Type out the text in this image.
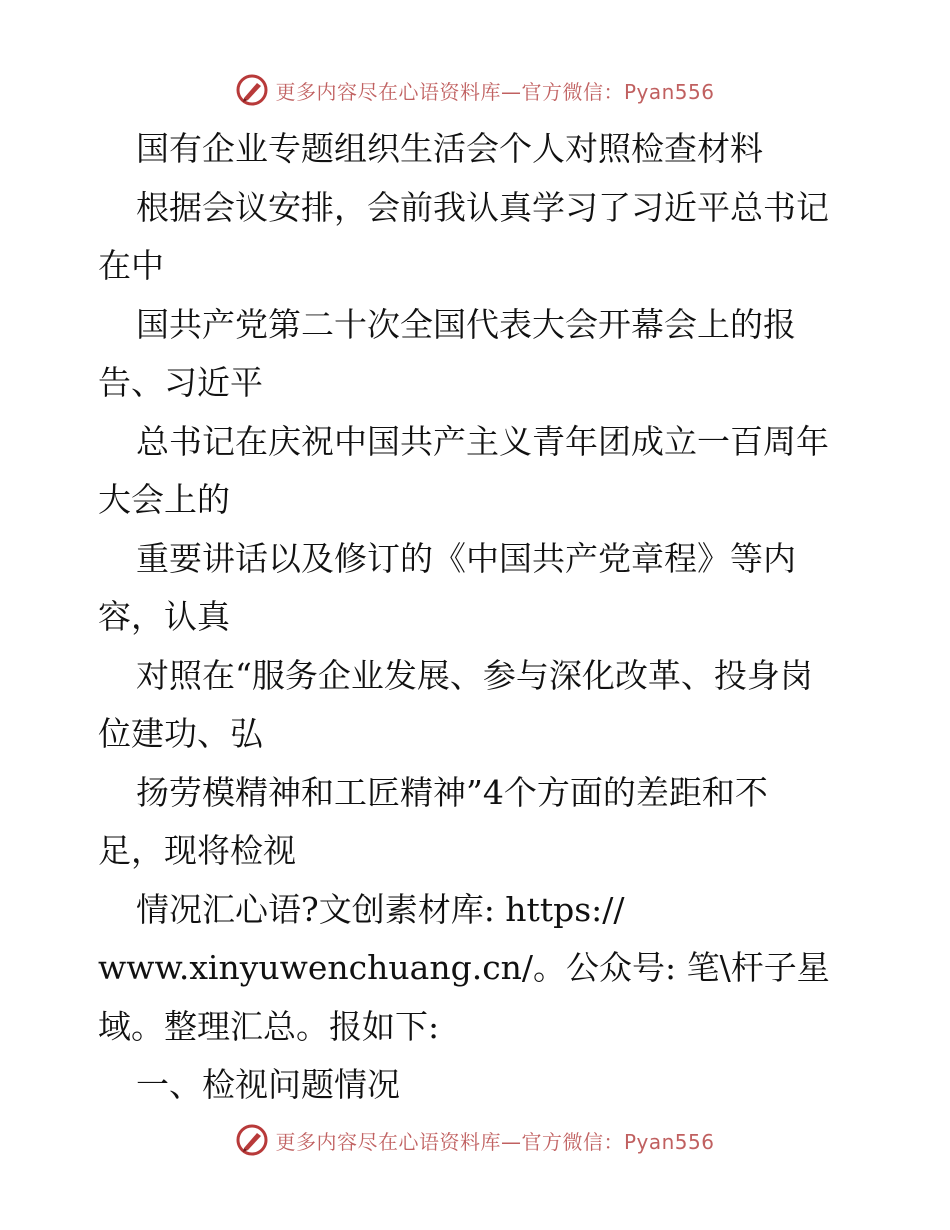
更多内容尽在心语资料库—官方微信：Pyan556
国有企业专题组织生活会个人对照检查材料
根据会议安排，会前我认真学习了习近平总书记
在中
国共产党第二十次全国代表大会开幕会上的报
告、习近平
总书记在庆祝中国共产主义青年团成立一百周年
大会上的
重要讲话以及修订的《中国共产党章程》等内
容，认真
对照在“服务企业发展、参与深化改革、投身岗
位建功、弘
扬劳模精神和工匠精神”4个方面的差距和不
足，现将检视
情况汇心语?文创素材库: https://
www.xinyuwenchuang.cn/。公众号: 笔\杆子星
域。整理汇总。报如下:
一、检视问题情况
更多内容尽在心语资料库—官方微信：Pyan556
